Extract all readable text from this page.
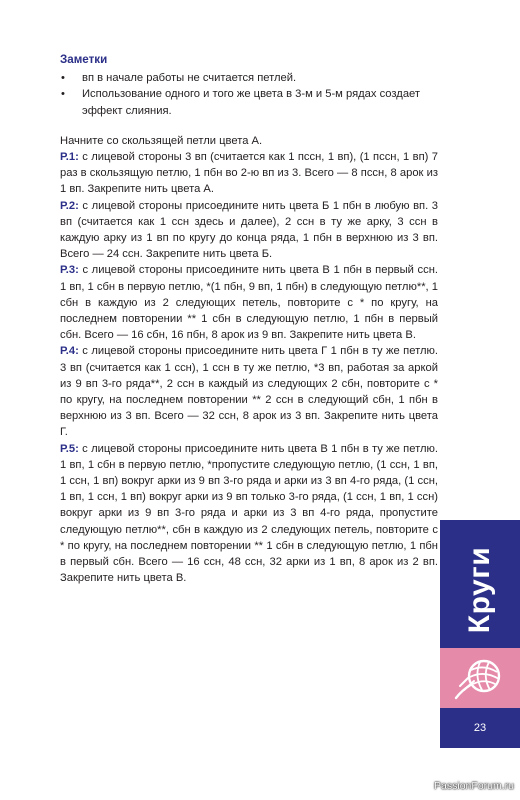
Заметки
• вп в начале работы не считается петлей.
• Использование одного и того же цвета в 3-м и 5-м рядах создает эффект слияния.

Начните со скользящей петли цвета А.

Р.1: с лицевой стороны 3 вп (считается как 1 пссн, 1 вп), (1 пссн, 1 вп) 7 раз в скользящую петлю, 1 пбн во 2-ю вп из 3. Всего — 8 пссн, 8 арок из 1 вп. Закрепите нить цвета А.

Р.2: с лицевой стороны присоедините нить цвета Б 1 пбн в любую вп. 3 вп (считается как 1 ссн здесь и далее), 2 ссн в ту же арку, 3 ссн в каждую арку из 1 вп по кругу до конца ряда, 1 пбн в верхнюю из 3 вп. Всего — 24 ссн. Закрепите нить цвета Б.

Р.3: с лицевой стороны присоедините нить цвета В 1 пбн в первый ссн. 1 вп, 1 сбн в первую петлю, *(1 пбн, 9 вп, 1 пбн) в следующую петлю**, 1 сбн в каждую из 2 следующих петель, повторите с * по кругу, на последнем повторении ** 1 сбн в следующую петлю, 1 пбн в первый сбн. Всего — 16 сбн, 16 пбн, 8 арок из 9 вп. Закрепите нить цвета В.

Р.4: с лицевой стороны присоедините нить цвета Г 1 пбн в ту же петлю. 3 вп (считается как 1 ссн), 1 ссн в ту же петлю, *3 вп, работая за аркой из 9 вп 3-го ряда**, 2 ссн в каждый из следующих 2 сбн, повторите с * по кругу, на последнем повторении ** 2 ссн в следующий сбн, 1 пбн в верхнюю из 3 вп. Всего — 32 ссн, 8 арок из 3 вп. Закрепите нить цвета Г.

Р.5: с лицевой стороны присоедините нить цвета В 1 пбн в ту же петлю. 1 вп, 1 сбн в первую петлю, *пропустите следующую петлю, (1 ссн, 1 вп, 1 ссн, 1 вп) вокруг арки из 9 вп 3-го ряда и арки из 3 вп 4-го ряда, (1 ссн, 1 вп, 1 ссн, 1 вп) вокруг арки из 9 вп только 3-го ряда, (1 ссн, 1 вп, 1 ссн) вокруг арки из 9 вп 3-го ряда и арки из 3 вп 4-го ряда, пропустите следующую петлю**, сбн в каждую из 2 следующих петель, повторите с * по кругу, на последнем повторении ** 1 сбн в следующую петлю, 1 пбн в первый сбн. Всего — 16 ссн, 48 ссн, 32 арки из 1 вп, 8 арок из 2 вп. Закрепите нить цвета В.	Круги
23
PassionForum.ru
